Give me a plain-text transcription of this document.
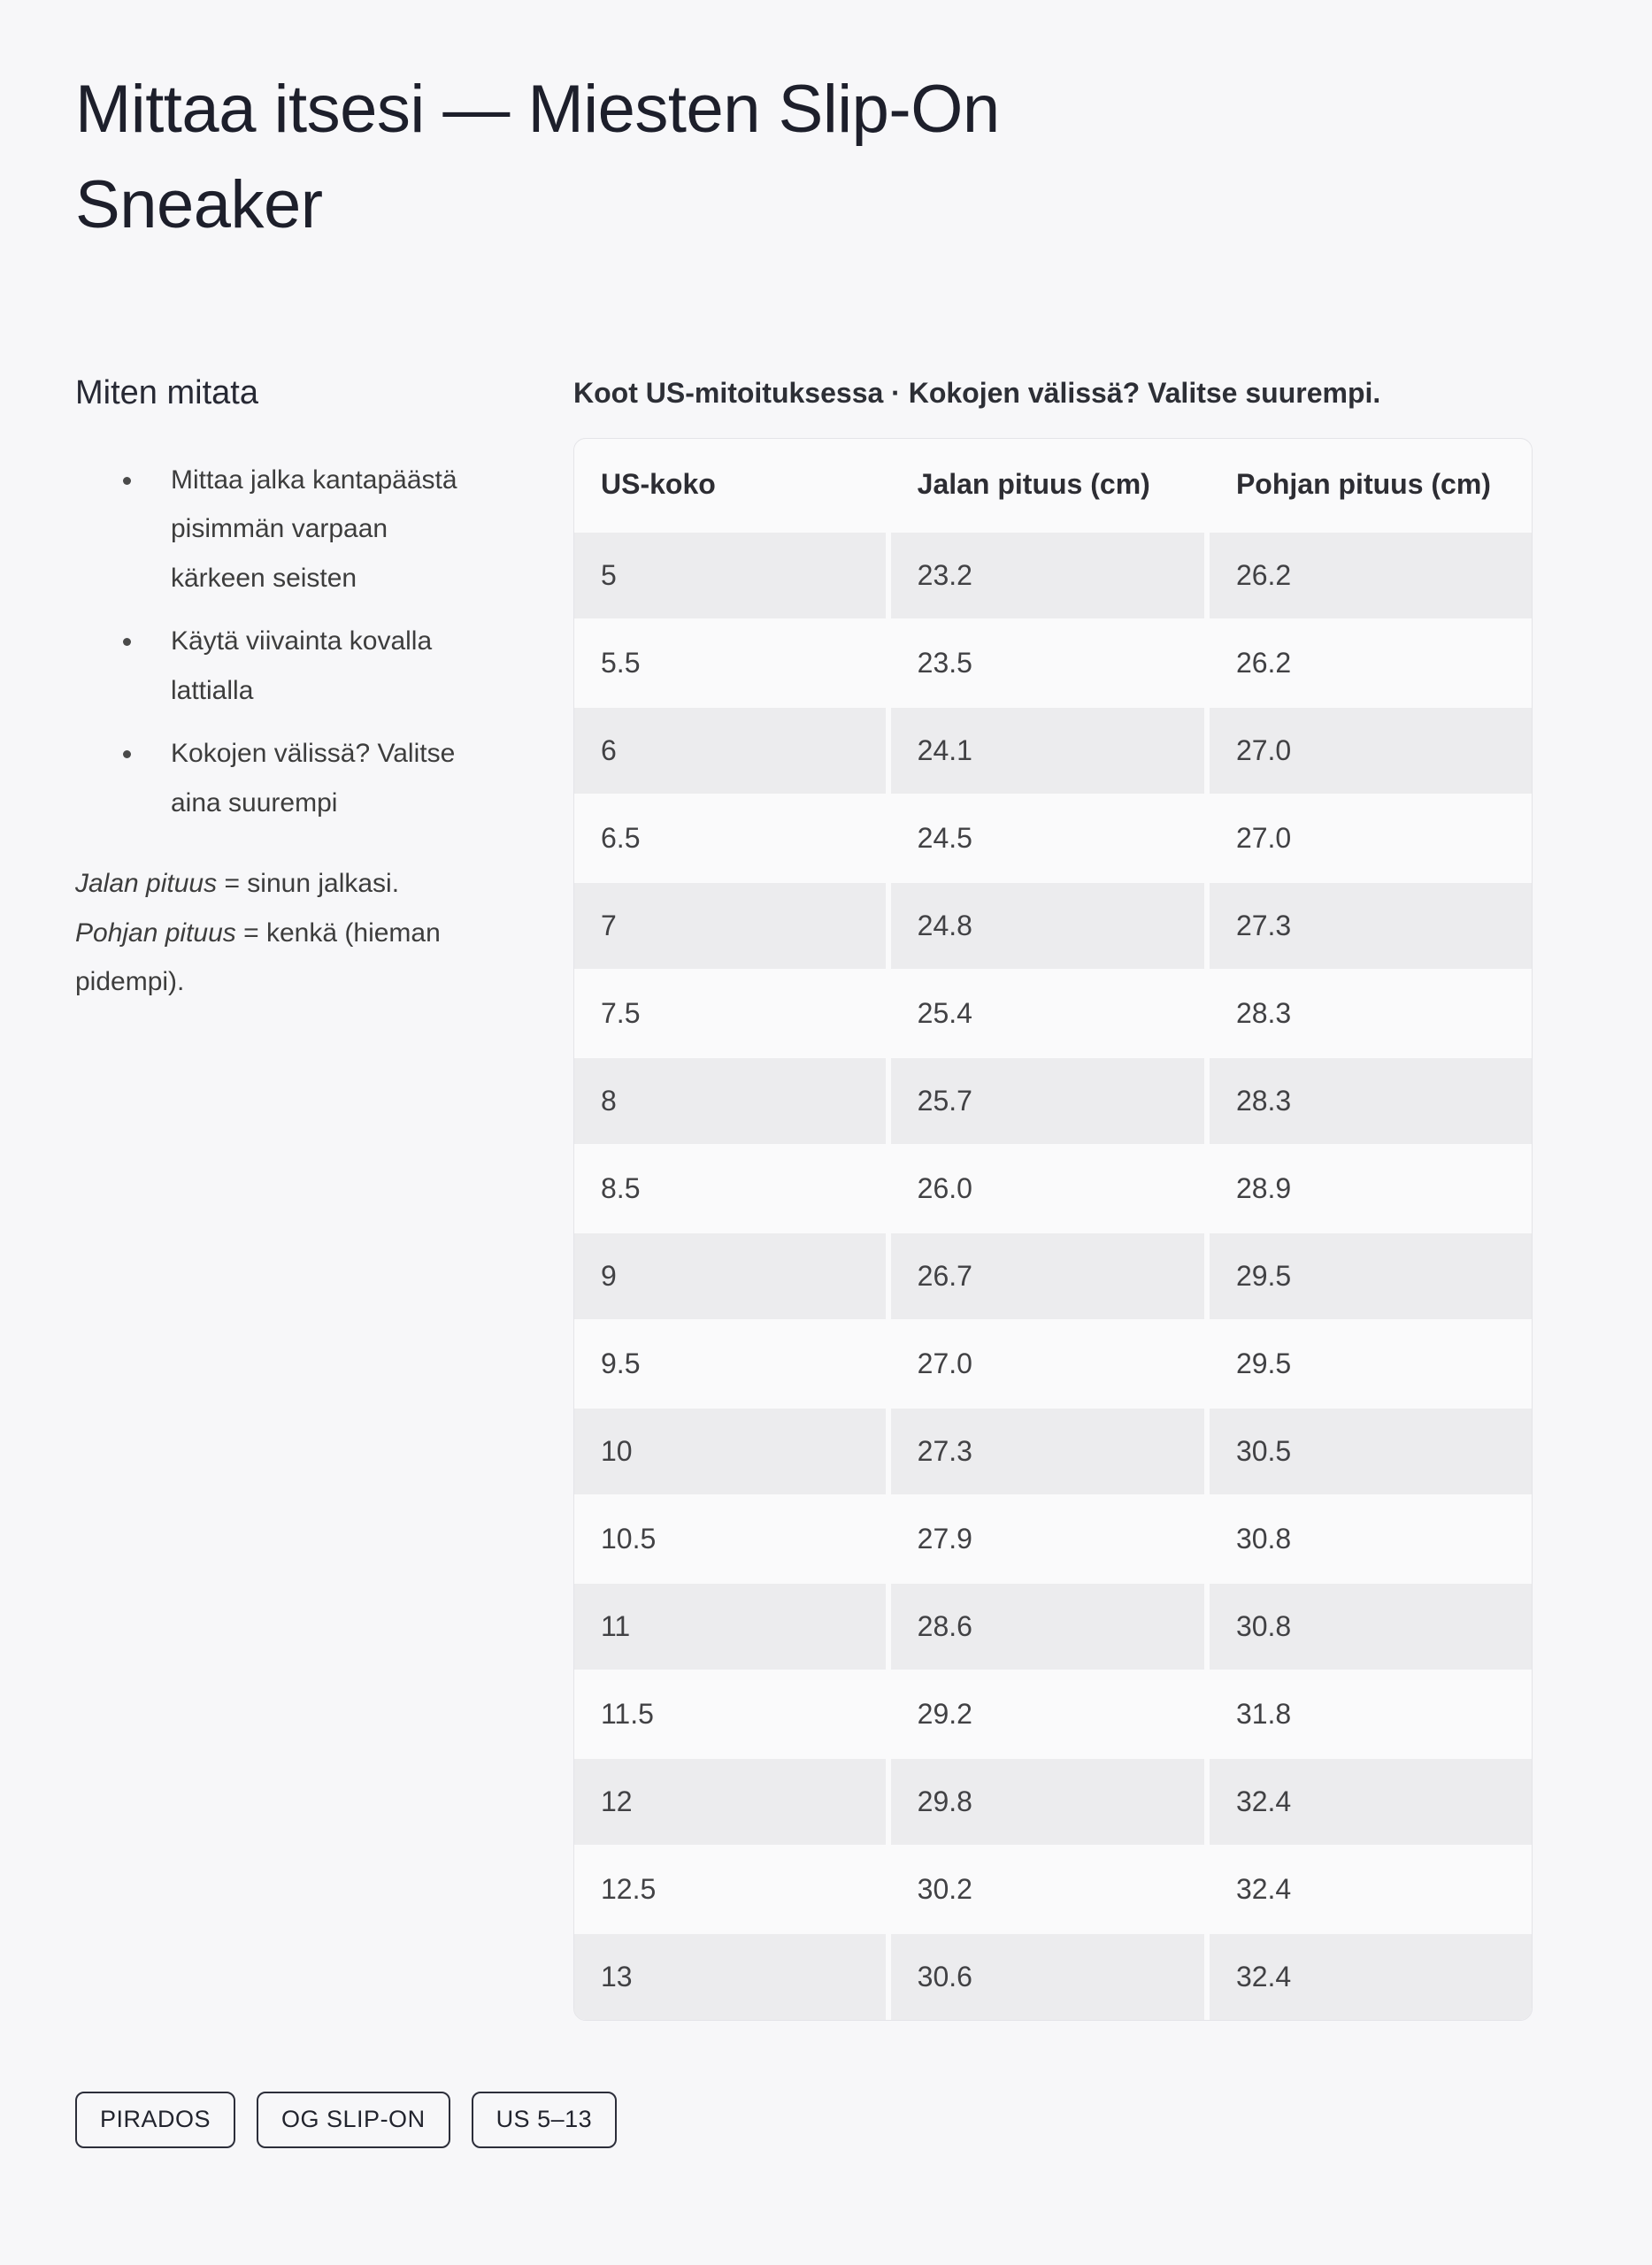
Mittaa itsesi — Miesten Slip-On
Sneaker
Miten mitata
• Mittaa jalka kantapäästä pisimmän varpaan kärkeen seisten
• Käytä viivainta kovalla lattialla
• Kokojen välissä? Valitse aina suurempi

Jalan pituus = sinun jalkasi. Pohjan pituus = kenkä (hieman pidempi).

Koot US-mitoituksessa · Kokojen välissä? Valitse suurempi.

US-koko	Jalan pituus (cm)	Pohjan pituus (cm)
5	23.2	26.2
5.5	23.5	26.2
6	24.1	27.0
6.5	24.5	27.0
7	24.8	27.3
7.5	25.4	28.3
8	25.7	28.3
8.5	26.0	28.9
9	26.7	29.5
9.5	27.0	29.5
10	27.3	30.5
10.5	27.9	30.8
11	28.6	30.8
11.5	29.2	31.8
12	29.8	32.4
12.5	30.2	32.4
13	30.6	32.4
PIRADOS	OG SLIP-ON	US 5–13
